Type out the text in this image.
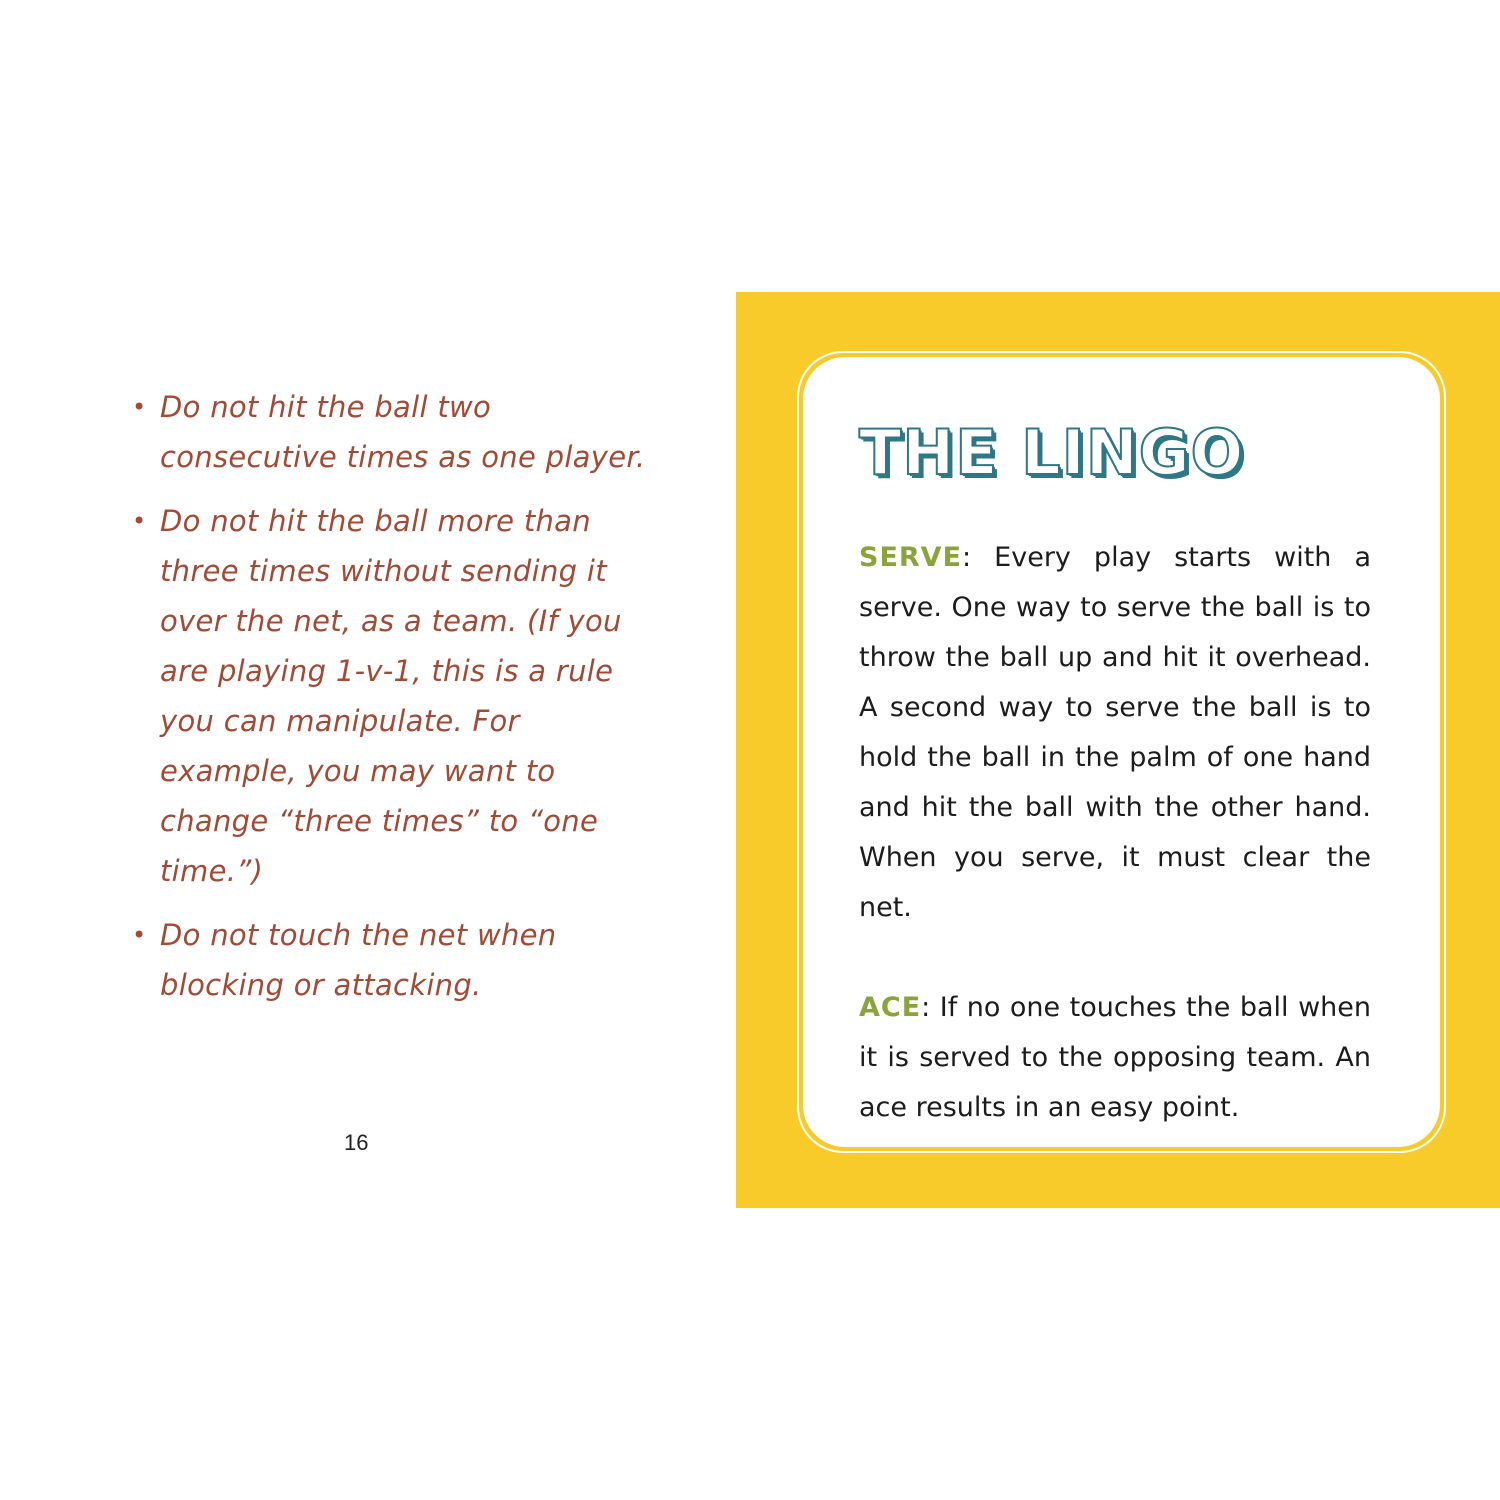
• Do not hit the ball two consecutive times as one player.
• Do not hit the ball more than three times without sending it over the net, as a team. (If you are playing 1-v-1, this is a rule you can manipulate. For example, you may want to change “three times” to “one time.”)
• Do not touch the net when blocking or attacking.
16
THE LINGO

SERVE: Every play starts with a serve. One way to serve the ball is to throw the ball up and hit it overhead. A second way to serve the ball is to hold the ball in the palm of one hand and hit the ball with the other hand. When you serve, it must clear the net.

ACE: If no one touches the ball when it is served to the opposing team. An ace results in an easy point.
